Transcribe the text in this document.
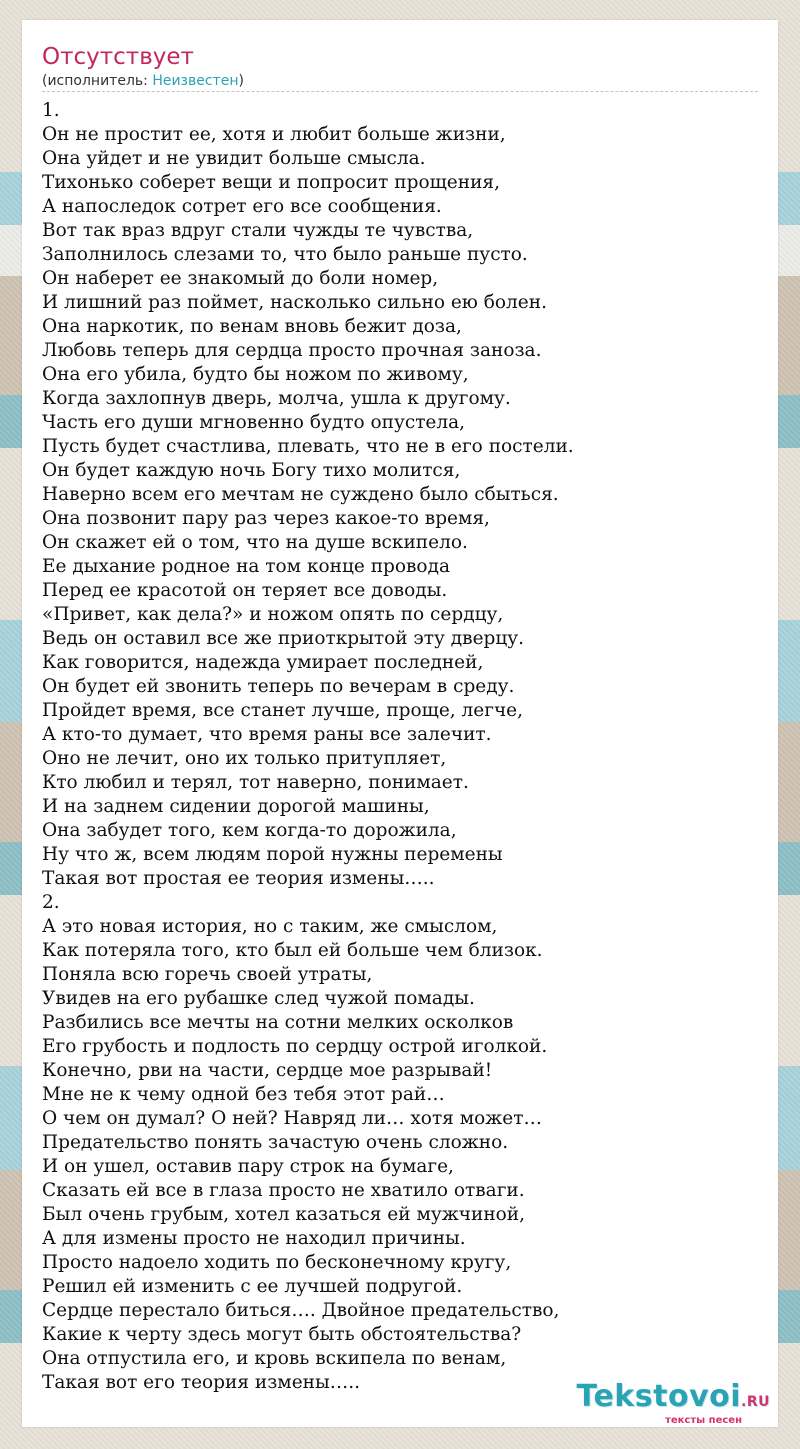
Отсутствует
(исполнитель: Неизвестен)
1.
Он не простит ее, хотя и любит больше жизни,
Она уйдет и не увидит больше смысла.
Тихонько соберет вещи и попросит прощения,
А напоследок сотрет его все сообщения.
Вот так враз вдруг стали чужды те чувства,
Заполнилось слезами то, что было раньше пусто.
Он наберет ее знакомый до боли номер,
И лишний раз поймет, насколько сильно ею болен.
Она наркотик, по венам вновь бежит доза,
Любовь теперь для сердца просто прочная заноза.
Она его убила, будто бы ножом по живому,
Когда захлопнув дверь, молча, ушла к другому.
Часть его души мгновенно будто опустела,
Пусть будет счастлива, плевать, что не в его постели.
Он будет каждую ночь Богу тихо молится,
Наверно всем его мечтам не суждено было сбыться.
Она позвонит пару раз через какое-то время,
Он скажет ей о том, что на душе вскипело.
Ее дыхание родное на том конце провода
Перед ее красотой он теряет все доводы.
«Привет, как дела?» и ножом опять по сердцу,
Ведь он оставил все же приоткрытой эту дверцу.
Как говорится, надежда умирает последней,
Он будет ей звонить теперь по вечерам в среду.
Пройдет время, все станет лучше, проще, легче,
А кто-то думает, что время раны все залечит.
Оно не лечит, оно их только притупляет,
Кто любил и терял, тот наверно, понимает.
И на заднем сидении дорогой машины,
Она забудет того, кем когда-то дорожила,
Ну что ж, всем людям порой нужны перемены
Такая вот простая ее теория измены…..
2.
А это новая история, но с таким, же смыслом,
Как потеряла того, кто был ей больше чем близок.
Поняла всю горечь своей утраты,
Увидев на его рубашке след чужой помады.
Разбились все мечты на сотни мелких осколков
Его грубость и подлость по сердцу острой иголкой.
Конечно, рви на части, сердце мое разрывай!
Мне не к чему одной без тебя этот рай…
О чем он думал? О ней? Навряд ли… хотя может…
Предательство понять зачастую очень сложно.
И он ушел, оставив пару строк на бумаге,
Сказать ей все в глаза просто не хватило отваги.
Был очень грубым, хотел казаться ей мужчиной,
А для измены просто не находил причины.
Просто надоело ходить по бесконечному кругу,
Решил ей изменить с ее лучшей подругой.
Сердце перестало биться…. Двойное предательство,
Какие к черту здесь могут быть обстоятельства?
Она отпустила его, и кровь вскипела по венам,
Такая вот его теория измены…..	Tekstovoi.RU
тексты песен
